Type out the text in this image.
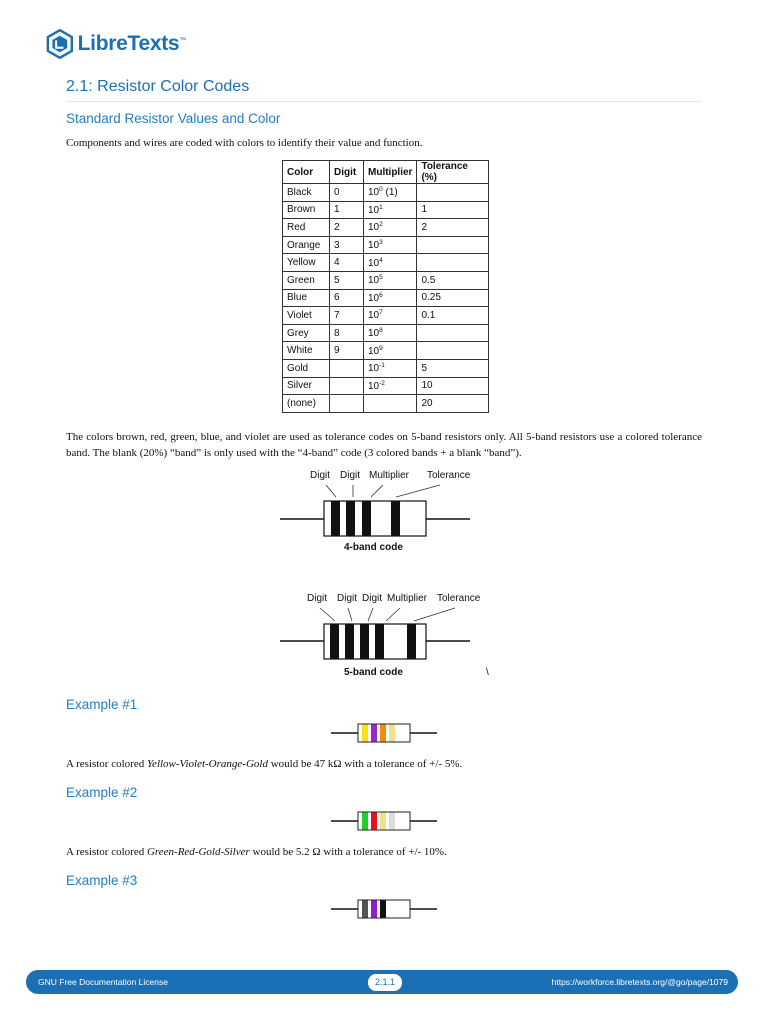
LibreTexts™
2.1: Resistor Color Codes
Standard Resistor Values and Color

Components and wires are coded with colors to identify their value and function.

Color	Digit	Multiplier	Tolerance (%)
Black	0	$10^0$ (1)	
Brown	1	$10^1$	1
Red	2	$10^2$	2
Orange	3	$10^3$	
Yellow	4	$10^4$	
Green	5	$10^5$	0.5
Blue	6	$10^6$	0.25
Violet	7	$10^7$	0.1
Grey	8	$10^8$	
White	9	$10^9$	
Gold		$10^{-1}$	5
Silver		$10^{-2}$	10
(none)			20

The colors brown, red, green, blue, and violet are used as tolerance codes on 5-band resistors only. All 5-band resistors use a colored tolerance band. The blank (20%) “band” is only used with the “4-band” code (3 colored bands + a blank “band”).

Digit Digit Multiplier Tolerance
4-band code
Digit Digit Digit Multiplier Tolerance
5-band code	\
Example #1

A resistor colored Yellow-Violet-Orange-Gold would be 47 kΩ with a tolerance of +/- 5%.

Example #2

A resistor colored Green-Red-Gold-Silver would be 5.2 Ω with a tolerance of +/- 10%.

Example #3
GNU Free Documentation License	2.1.1	https://workforce.libretexts.org/@go/page/1079
